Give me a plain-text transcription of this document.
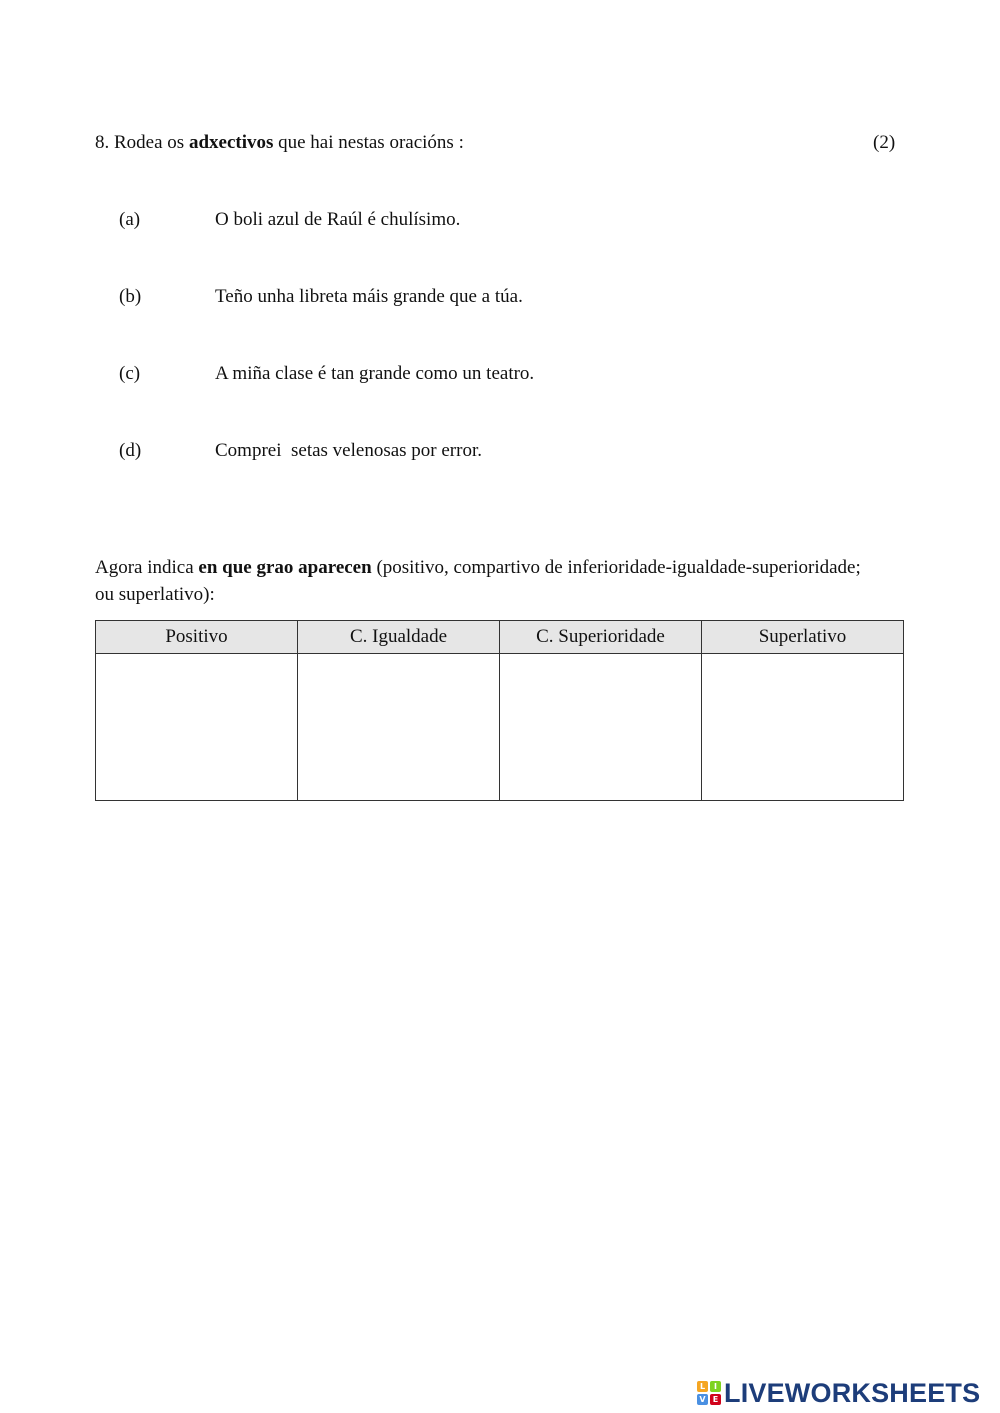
8. Rodea os adxectivos que hai nestas oracións :	(2)
(a)	O boli azul de Raúl é chulísimo.
(b)	Teño unha libreta máis grande que a túa.
(c)	A miña clase é tan grande como un teatro.
(d)	Comprei  setas velenosas por error.
Agora indica en que grao aparecen (positivo, compartivo de inferioridade-igualdade-superioridade; ou superlativo):
Positivo	C. Igualdade	C. Superioridade	Superlativo

L	I
V E LIVEWORKSHEETS
